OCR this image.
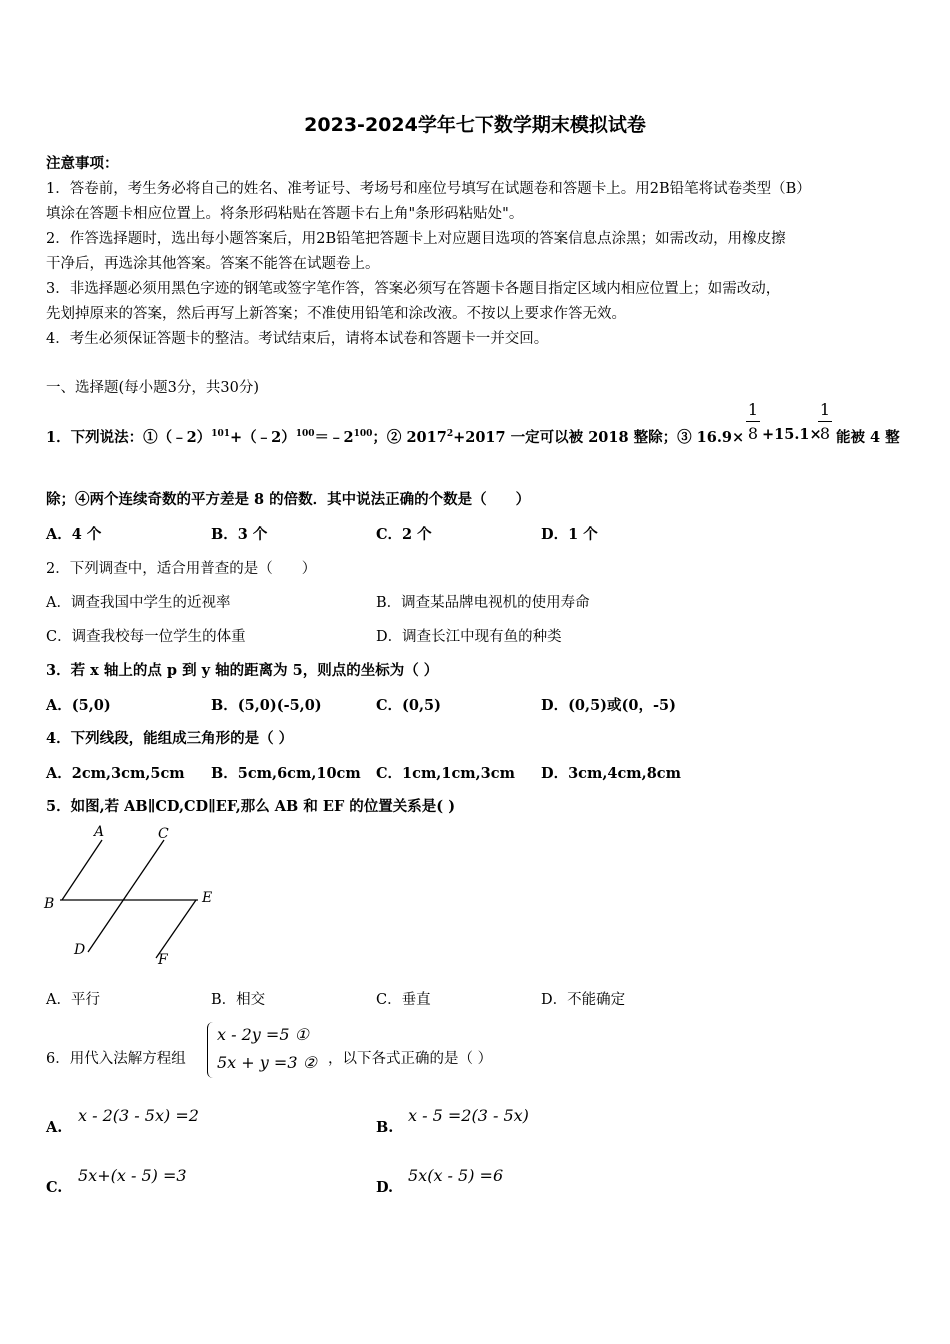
2023-2024学年七下数学期末模拟试卷
注意事项：
1．答卷前，考生务必将自己的姓名、准考证号、考场号和座位号填写在试题卷和答题卡上。用2B铅笔将试卷类型（B）
填涂在答题卡相应位置上。将条形码粘贴在答题卡右上角"条形码粘贴处"。
2．作答选择题时，选出每小题答案后，用2B铅笔把答题卡上对应题目选项的答案信息点涂黑；如需改动，用橡皮擦
干净后，再选涂其他答案。答案不能答在试题卷上。
3．非选择题必须用黑色字迹的钢笔或签字笔作答，答案必须写在答题卡各题目指定区域内相应位置上；如需改动，
先划掉原来的答案，然后再写上新答案；不准使用铅笔和涂改液。不按以上要求作答无效。
4．考生必须保证答题卡的整洁。考试结束后，请将本试卷和答题卡一并交回。
一、选择题(每小题3分，共30分)
1．下列说法：$①(﹣2)^{101}+(﹣2)^{100}=﹣2^{100}$；② $2017^2+2017$ 一定可以被 2018 整除；③ 16.9×
1
8 +15.1×
1
8 能被 4 整
除；④两个连续奇数的平方差是 8 的倍数．其中说法正确的个数是（　　）
A．4 个	B．3 个	C．2 个	D．1 个
2．下列调查中，适合用普查的是（　　）
A．调查我国中学生的近视率	B．调查某品牌电视机的使用寿命
C．调查我校每一位学生的体重	D．调查长江中现有鱼的种类
3．若 x 轴上的点 p 到 y 轴的距离为 5，则点的坐标为（ ）
A．(5,0)	B．(5,0)(-5,0)	C．(0,5)	D．(0,5)或(0，-5)
4．下列线段，能组成三角形的是（ ）
A．2cm,3cm,5cm B．5cm,6cm,10cm C．1cm,1cm,3cm D．3cm,4cm,8cm
5．如图,若 AB∥CD,CD∥EF,那么 AB 和 EF 的位置关系是( )
A	C
B	E
D
F
A．平行	B．相交	C．垂直	D．不能确定
6．用代入法解方程组
x - 2y =5 ①
5x + y =3 ② ，以下各式正确的是（ ）
A.
x - 2(3 - 5x) =2
B.
x - 5 =2(3 - 5x)
C.
5x+(x - 5) =3
D.
5x(x - 5) =6
